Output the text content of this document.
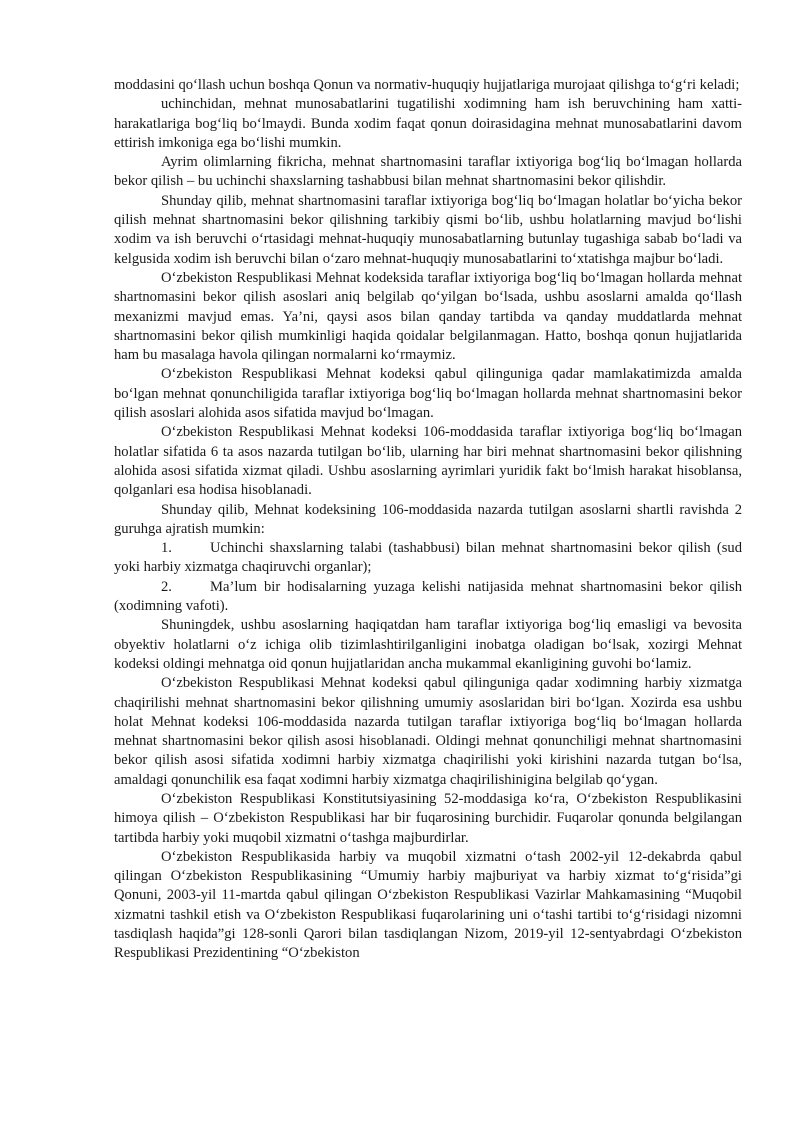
moddasini qo‘llash uchun boshqa Qonun va normativ-huquqiy hujjatlariga murojaat qilishga to‘g‘ri keladi;

uchinchidan, mehnat munosabatlarini tugatilishi xodimning ham ish beruvchining ham xatti-harakatlariga bog‘liq bo‘lmaydi. Bunda xodim faqat qonun doirasidagina mehnat munosabatlarini davom ettirish imkoniga ega bo‘lishi mumkin.

Ayrim olimlarning fikricha, mehnat shartnomasini taraflar ixtiyoriga bog‘liq bo‘lmagan hollarda bekor qilish – bu uchinchi shaxslarning tashabbusi bilan mehnat shartnomasini bekor qilishdir.

Shunday qilib, mehnat shartnomasini taraflar ixtiyoriga bog‘liq bo‘lmagan holatlar bo‘yicha bekor qilish mehnat shartnomasini bekor qilishning tarkibiy qismi bo‘lib, ushbu holatlarning mavjud bo‘lishi xodim va ish beruvchi o‘rtasidagi mehnat-huquqiy munosabatlarning butunlay tugashiga sabab bo‘ladi va kelgusida xodim ish beruvchi bilan o‘zaro mehnat-huquqiy munosabatlarini to‘xtatishga majbur bo‘ladi.

O‘zbekiston Respublikasi Mehnat kodeksida taraflar ixtiyoriga bog‘liq bo‘lmagan hollarda mehnat shartnomasini bekor qilish asoslari aniq belgilab qo‘yilgan bo‘lsada, ushbu asoslarni amalda qo‘llash mexanizmi mavjud emas. Ya’ni, qaysi asos bilan qanday tartibda va qanday muddatlarda mehnat shartnomasini bekor qilish mumkinligi haqida qoidalar belgilanmagan. Hatto, boshqa qonun hujjatlarida ham bu masalaga havola qilingan normalarni ko‘rmaymiz.

O‘zbekiston Respublikasi Mehnat kodeksi qabul qilinguniga qadar mamlakatimizda amalda bo‘lgan mehnat qonunchiligida taraflar ixtiyoriga bog‘liq bo‘lmagan hollarda mehnat shartnomasini bekor qilish asoslari alohida asos sifatida mavjud bo‘lmagan.

O‘zbekiston Respublikasi Mehnat kodeksi 106-moddasida taraflar ixtiyoriga bog‘liq bo‘lmagan holatlar sifatida 6 ta asos nazarda tutilgan bo‘lib, ularning har biri mehnat shartnomasini bekor qilishning alohida asosi sifatida xizmat qiladi. Ushbu asoslarning ayrimlari yuridik fakt bo‘lmish harakat hisoblansa, qolganlari esa hodisa hisoblanadi.

Shunday qilib, Mehnat kodeksining 106-moddasida nazarda tutilgan asoslarni shartli ravishda 2 guruhga ajratish mumkin:

1.	Uchinchi shaxslarning talabi (tashabbusi) bilan mehnat shartnomasini bekor qilish (sud yoki harbiy xizmatga chaqiruvchi organlar);

2.	Ma’lum bir hodisalarning yuzaga kelishi natijasida mehnat shartnomasini bekor qilish (xodimning vafoti).

Shuningdek, ushbu asoslarning haqiqatdan ham taraflar ixtiyoriga bog‘liq emasligi va bevosita obyektiv holatlarni o‘z ichiga olib tizimlashtirilganligini inobatga oladigan bo‘lsak, xozirgi Mehnat kodeksi oldingi mehnatga oid qonun hujjatlaridan ancha mukammal ekanligining guvohi bo‘lamiz.

O‘zbekiston Respublikasi Mehnat kodeksi qabul qilinguniga qadar xodimning harbiy xizmatga chaqirilishi mehnat shartnomasini bekor qilishning umumiy asoslaridan biri bo‘lgan. Xozirda esa ushbu holat Mehnat kodeksi 106-moddasida nazarda tutilgan taraflar ixtiyoriga bog‘liq bo‘lmagan hollarda mehnat shartnomasini bekor qilish asosi hisoblanadi. Oldingi mehnat qonunchiligi mehnat shartnomasini bekor qilish asosi sifatida xodimni harbiy xizmatga chaqirilishi yoki kirishini nazarda tutgan bo‘lsa, amaldagi qonunchilik esa faqat xodimni harbiy xizmatga chaqirilishinigina belgilab qo‘ygan.

O‘zbekiston Respublikasi Konstitutsiyasining 52-moddasiga ko‘ra, O‘zbekiston Respublikasini himoya qilish – O‘zbekiston Respublikasi har bir fuqarosining burchidir. Fuqarolar qonunda belgilangan tartibda harbiy yoki muqobil xizmatni o‘tashga majburdirlar.

O‘zbekiston Respublikasida harbiy va muqobil xizmatni o‘tash 2002-yil 12-dekabrda qabul qilingan O‘zbekiston Respublikasining “Umumiy harbiy majburiyat va harbiy xizmat to‘g‘risida”gi Qonuni, 2003-yil 11-martda qabul qilingan O‘zbekiston Respublikasi Vazirlar Mahkamasining “Muqobil xizmatni tashkil etish va O‘zbekiston Respublikasi fuqarolarining uni o‘tashi tartibi to‘g‘risidagi nizomni tasdiqlash haqida”gi 128-sonli Qarori bilan tasdiqlangan Nizom, 2019-yil 12-sentyabrdagi O‘zbekiston Respublikasi Prezidentining “O‘zbekiston
